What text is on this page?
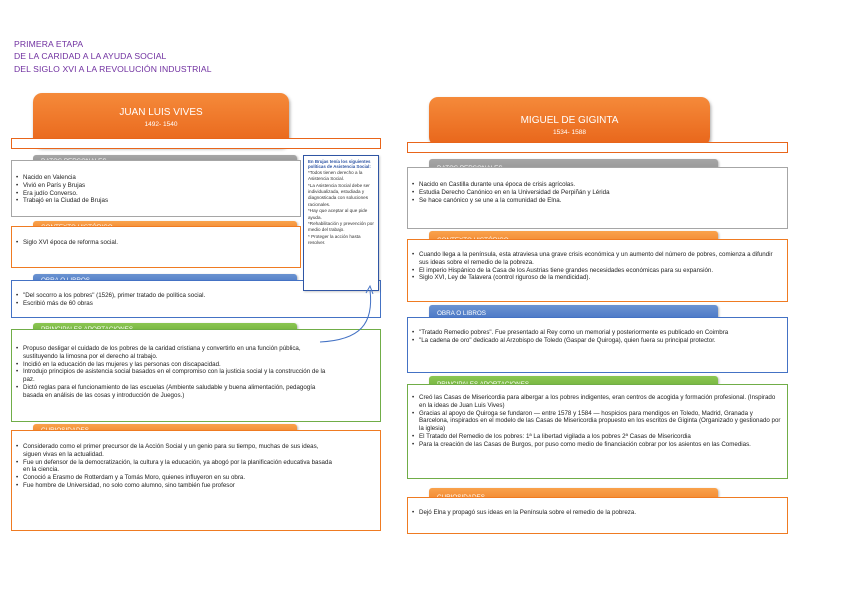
PRIMERA ETAPA
DE LA CARIDAD A LA AYUDA SOCIAL
DEL SIGLO XVI A LA REVOLUCIÓN INDUSTRIAL
JUAN LUIS VIVES
1492- 1540
• Nacido en Valencia
• Vivió en París y Brujas
• Era judío Converso.
• Trabajó en la Ciudad de Brujas
• Siglo XVI época de reforma social.
• "Del socorro a los pobres" (1526), primer tratado de política social.
• Escribió más de 60 obras
• Propuso desligar el cuidado de los pobres de la caridad cristiana y convertirlo en una función pública, sustituyendo la limosna por el derecho al trabajo.
• Incidió en la educación de las mujeres y las personas con discapacidad.
• Introdujo principios de asistencia social basados en el compromiso con la justicia social y la construcción de la paz.
• Dictó reglas para el funcionamiento de las escuelas (Ambiente saludable y buena alimentación, pedagogía basada en análisis de las cosas y introducción de Juegos.)
• Considerado como el primer precursor de la Acción Social y un genio para su tiempo, muchas de sus ideas, siguen vivas en la actualidad.
• Fue un defensor de la democratización, la cultura y la educación, ya abogó por la planificación educativa basada en la ciencia.
• Conoció a Erasmo de Rotterdam y a Tomás Moro, quienes influyeron en su obra.
• Fue hombre de Universidad, no solo como alumno, sino también fue profesor
En Brujas tenía los siguientes políticas de Asistencia Social:
*Todos tienen derecho a la Asistencia Social.
*La Asistencia Social debe ser individualizada, estudiada y diagnosticada con soluciones racionales.
*Hay que aceptar al que pide ayuda.
*Rehabilitación y prevención por medio del trabajo.
* Proteger la acción hasta resolver.
MIGUEL DE GIGINTA
1534- 1588
• Nacido en Castilla durante una época de crisis agrícolas.
• Estudia Derecho Canónico en en la Universidad de Perpiñán y Lérida
• Se hace canónico y se une a la comunidad de Elna.
• Cuando llega a la península, esta atraviesa una grave crisis económica y un aumento del número de pobres, comienza a difundir sus ideas sobre el remedio de la pobreza.
• El imperio Hispánico de la Casa de los Austrias tiene grandes necesidades económicas para su expansión.
• Siglo XVI, Ley de Talavera (control riguroso de la mendicidad).
OBRA O LIBROS
• "Tratado Remedio pobres". Fue presentado al Rey como un memorial y posteriormente es publicado en Coimbra
• "La cadena de oro" dedicado al Arzobispo de Toledo (Gaspar de Quiroga), quien fuera su principal protector.
• Creó las Casas de Misericordia para albergar a los pobres indigentes, eran centros de acogida y formación profesional. (Inspirado en la ideas de Juan Luis Vives)
• Gracias al apoyo de Quiroga se fundaron — entre 1578 y 1584 — hospicios para mendigos en Toledo, Madrid, Granada y Barcelona, inspirados en el modelo de las Casas de Misericordia propuesto en los escritos de Giginta (Organizado y gestionado por la iglesia)
• El Tratado del Remedio de los pobres: 1ª La libertad vigilada a los pobres 2ª Casas de Misericordia
• Para la creación de las Casas de Burgos, por puso como medio de financiación cobrar por los asientos en las Comedias.
• Dejó Elna y propagó sus ideas en la Península sobre el remedio de la pobreza.
